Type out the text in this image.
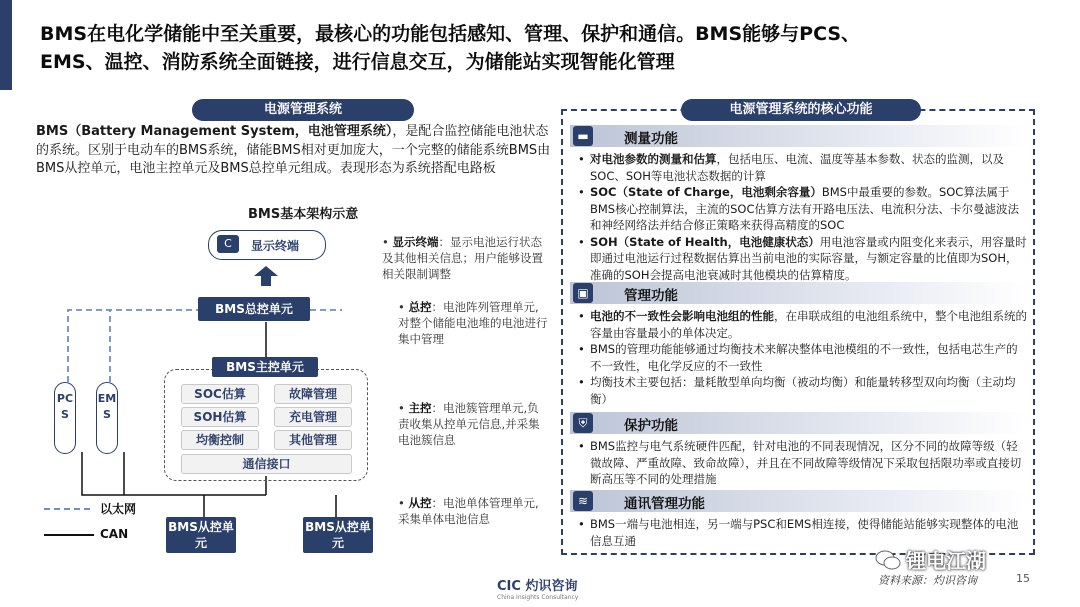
BMS在电化学储能中至关重要，最核心的功能包括感知、管理、保护和通信。BMS能够与PCS、
EMS、温控、消防系统全面链接，进行信息交互，为储能站实现智能化管理
电源管理系统
BMS（Battery Management System，电池管理系统），是配合监控储能电池状态的系统。区别于电动车的BMS系统，储能BMS相对更加庞大，一个完整的储能系统BMS由BMS从控单元，电池主控单元及BMS总控单元组成。表现形态为系统搭配电路板
BMS基本架构示意
C	显示终端
BMS总控单元
BMS主控单元
SOC估算	故障管理
SOH估算	充电管理
均衡控制	其他管理
通信接口
BMS从控单元
BMS从控单元
PCS
EMS
以太网
CAN
• 显示终端：显示电池运行状态及其他相关信息；用户能够设置相关限制调整
• 总控：电池阵列管理单元,对整个储能电池堆的电池进行集中管理
• 主控：电池簇管理单元,负责收集从控单元信息,并采集电池簇信息
• 从控：电池单体管理单元,采集单体电池信息
电源管理系统的核心功能
▬	测量功能

• 对电池参数的测量和估算，包括电压、电流、温度等基本参数、状态的监测，以及SOC、SOH等电池状态数据的计算

• SOC（State of Charge，电池剩余容量）BMS中最重要的参数。SOC算法属于BMS核心控制算法，主流的SOC估算方法有开路电压法、电流积分法、卡尔曼滤波法和神经网络法并结合修正策略来获得高精度的SOC

• SOH（State of Health，电池健康状态）用电池容量或内阻变化来表示，用容量时即通过电池运行过程数据估算出当前电池的实际容量，与额定容量的比值即为SOH，准确的SOH会提高电池衰减时其他模块的估算精度。

▣	管理功能

• 电池的不一致性会影响电池组的性能，在串联成组的电池组系统中，整个电池组系统的容量由容量最小的单体决定。

• BMS的管理功能能够通过均衡技术来解决整体电池模组的不一致性，包括电芯生产的不一致性，电化学反应的不一致性

• 均衡技术主要包括：量耗散型单向均衡（被动均衡）和能量转移型双向均衡（主动均衡）

⛨	保护功能

• BMS监控与电气系统硬件匹配，针对电池的不同表现情况，区分不同的故障等级（轻微故障、严重故障、致命故障），并且在不同故障等级情况下采取包括限功率或直接切断高压等不同的处理措施

≋	通讯管理功能

• BMS一端与电池相连，另一端与PSC和EMS相连接，使得储能站能够实现整体的电池信息互通

CIC 灼识咨询
China Insights Consultancy
锂电江湖
资料来源：灼识咨询	15
